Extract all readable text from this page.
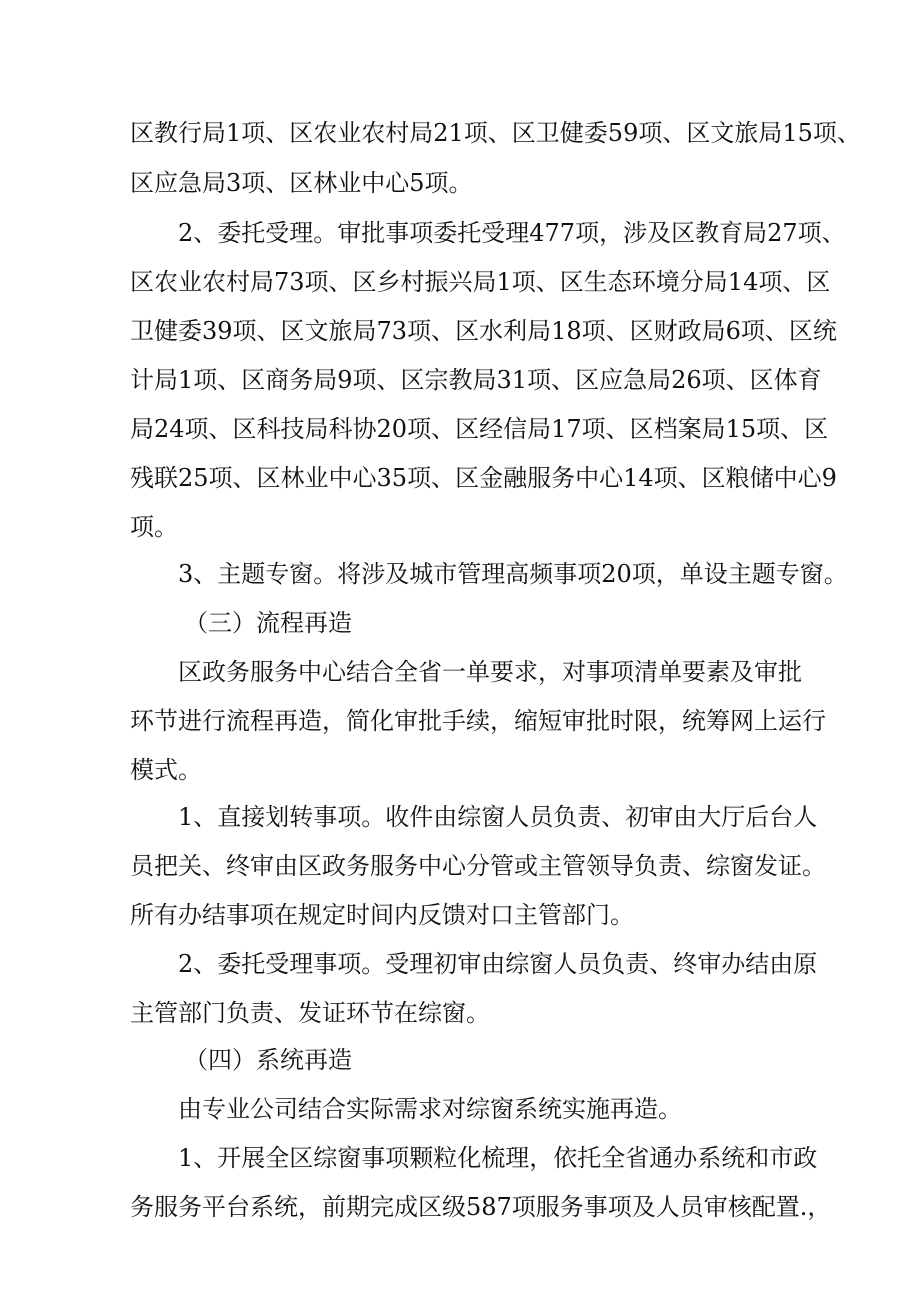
区教行局1项、区农业农村局21项、区卫健委59项、区文旅局15项、
区应急局3项、区林业中心5项。
2、委托受理。审批事项委托受理477项，涉及区教育局27项、
区农业农村局73项、区乡村振兴局1项、区生态环境分局14项、区
卫健委39项、区文旅局73项、区水利局18项、区财政局6项、区统
计局1项、区商务局9项、区宗教局31项、区应急局26项、区体育
局24项、区科技局科协20项、区经信局17项、区档案局15项、区
残联25项、区林业中心35项、区金融服务中心14项、区粮储中心9
项。
3、主题专窗。将涉及城市管理高频事项20项，单设主题专窗。
（三）流程再造
区政务服务中心结合全省一单要求，对事项清单要素及审批
环节进行流程再造，简化审批手续，缩短审批时限，统筹网上运行
模式。
1、直接划转事项。收件由综窗人员负责、初审由大厅后台人
员把关、终审由区政务服务中心分管或主管领导负责、综窗发证。
所有办结事项在规定时间内反馈对口主管部门。
2、委托受理事项。受理初审由综窗人员负责、终审办结由原
主管部门负责、发证环节在综窗。
（四）系统再造
由专业公司结合实际需求对综窗系统实施再造。
1、开展全区综窗事项颗粒化梳理，依托全省通办系统和市政
务服务平台系统，前期完成区级587项服务事项及人员审核配置.，
